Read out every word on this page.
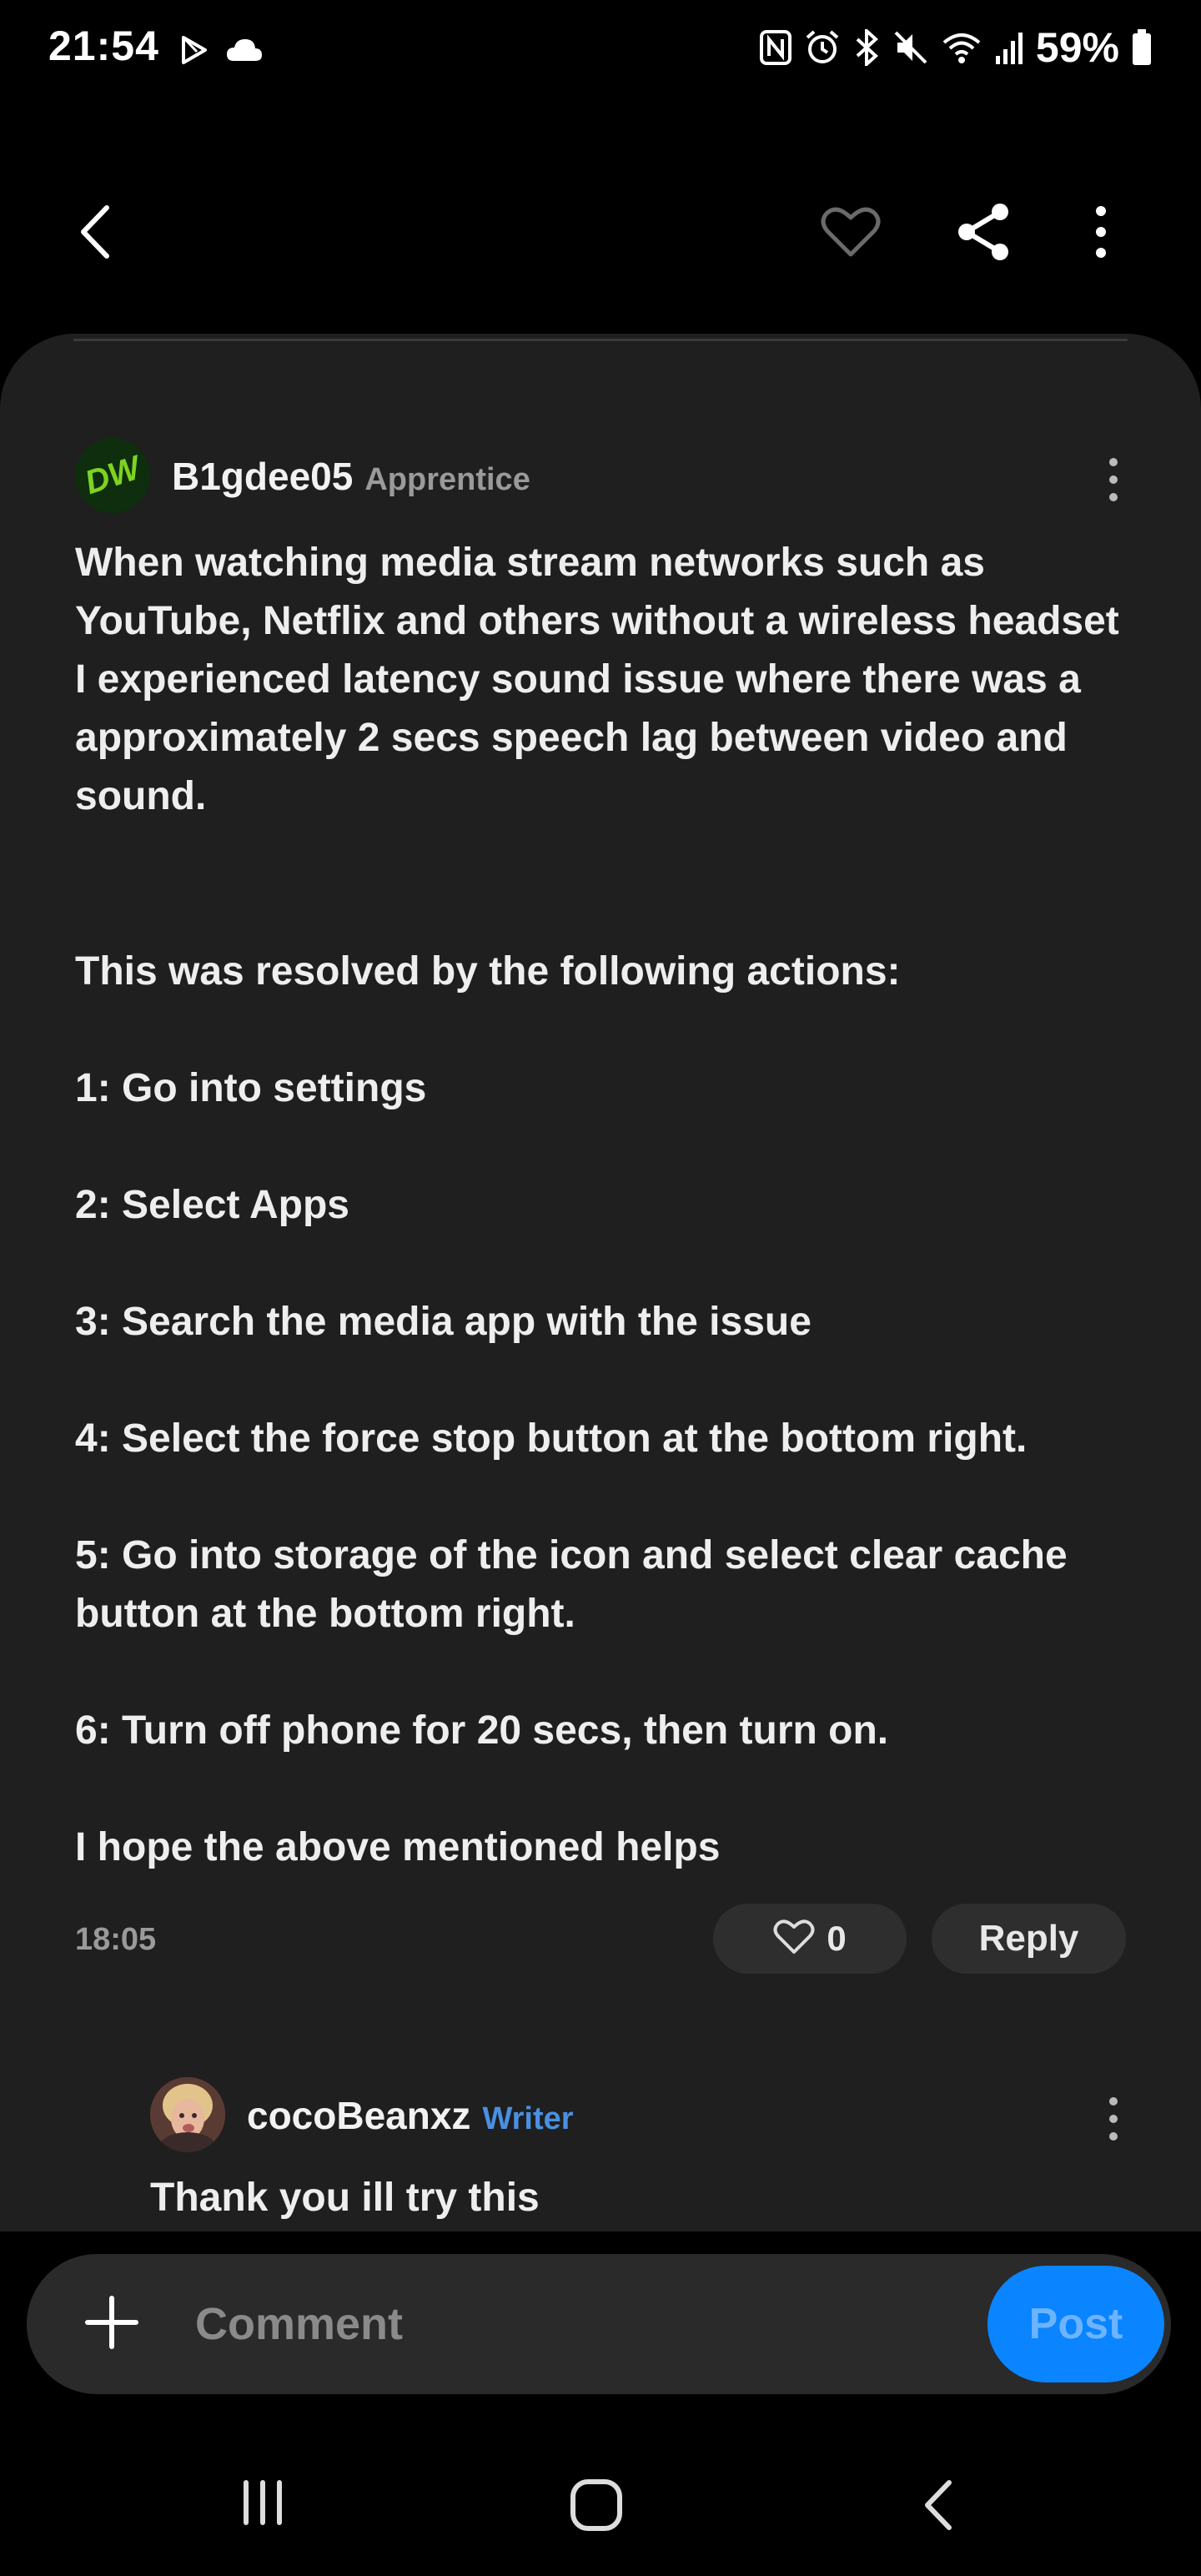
21:54	59%
DW B1gdee05 Apprentice

When watching media stream networks such as YouTube, Netflix and others without a wireless headset I experienced latency sound issue where there was a approximately 2 secs speech lag between video and sound.

This was resolved by the following actions:

1: Go into settings

2: Select Apps

3: Search the media app with the issue

4: Select the force stop button at the bottom right.

5: Go into storage of the icon and select clear cache button at the bottom right.

6: Turn off phone for 20 secs, then turn on.

I hope the above mentioned helps

18:05	0	Reply
cocoBeanxz Writer
Thank you ill try this
Comment
Post
